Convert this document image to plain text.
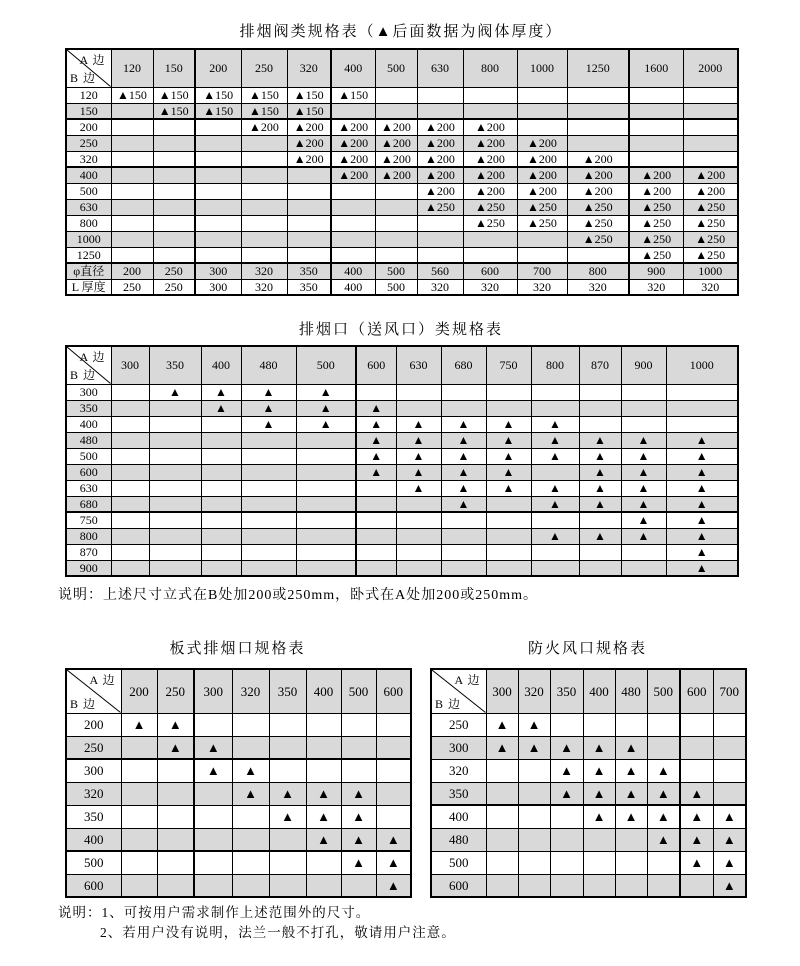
排烟阀类规格表（▲后面数据为阀体厚度）
A 边
B 边	120	150	200	250	320	400	500	630	800	1000	1250	1600	2000
120	▲150	▲150	▲150	▲150	▲150	▲150							
150		▲150	▲150	▲150	▲150								
200				▲200	▲200	▲200	▲200	▲200	▲200				
250					▲200	▲200	▲200	▲200	▲200	▲200			
320					▲200	▲200	▲200	▲200	▲200	▲200	▲200		
400						▲200	▲200	▲200	▲200	▲200	▲200	▲200	▲200
500								▲200	▲200	▲200	▲200	▲200	▲200
630								▲250	▲250	▲250	▲250	▲250	▲250
800									▲250	▲250	▲250	▲250	▲250
1000											▲250	▲250	▲250
1250												▲250	▲250
φ直径	200	250	300	320	350	400	500	560	600	700	800	900	1000
L 厚度	250	250	300	320	350	400	500	320	320	320	320	320	320
排烟口（送风口）类规格表
A 边
B 边	300	350	400	480	500	600	630	680	750	800	870	900	1000
300		▲	▲	▲	▲								
350			▲	▲	▲	▲							
400				▲	▲	▲	▲	▲	▲	▲			
480						▲	▲	▲	▲	▲	▲	▲	▲
500						▲	▲	▲	▲	▲	▲	▲	▲
600						▲	▲	▲	▲		▲	▲	▲
630							▲	▲	▲	▲	▲	▲	▲
680								▲		▲	▲	▲	▲
750												▲	▲
800										▲	▲	▲	▲
870													▲
900													▲
说明：上述尺寸立式在B处加200或250mm，卧式在A处加200或250mm。
板式排烟口规格表
A 边
B 边	200	250	300	320	350	400	500	600
200	▲	▲						
250		▲	▲					
300			▲	▲				
320				▲	▲	▲	▲	
350					▲	▲	▲	
400						▲	▲	▲
500							▲	▲
600								▲
防火风口规格表
A 边
B 边	300	320	350	400	480	500	600	700
250	▲	▲						
300	▲	▲	▲	▲	▲			
320			▲	▲	▲	▲		
350			▲	▲	▲	▲	▲	
400				▲	▲	▲	▲	▲
480						▲	▲	▲
500							▲	▲
600								▲
说明：1、可按用户需求制作上述范围外的尺寸。
2、若用户没有说明，法兰一般不打孔，敬请用户注意。
